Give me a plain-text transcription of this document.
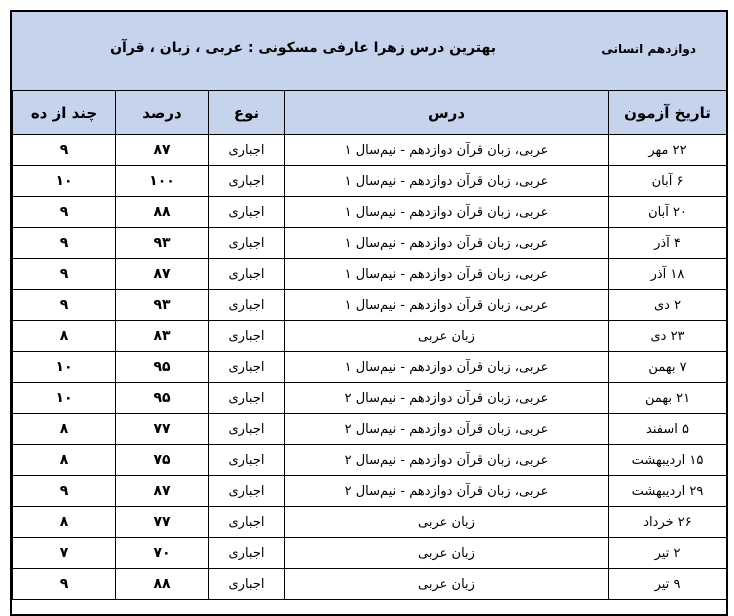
دوازدهم انسانی
بهترین درس زهرا عارفی مسکونی : عربی ، زبان ، قرآن
تاریخ آزمون	درس	نوع	درصد	چند از ده
۲۲ مهر	عربی، زبان قرآن دوازدهم - نیم‌سال ۱	اجباری	۸۷	۹
۶ آبان	عربی، زبان قرآن دوازدهم - نیم‌سال ۱	اجباری	۱۰۰	۱۰
۲۰ آبان	عربی، زبان قرآن دوازدهم - نیم‌سال ۱	اجباری	۸۸	۹
۴ آذر	عربی، زبان قرآن دوازدهم - نیم‌سال ۱	اجباری	۹۳	۹
۱۸ آذر	عربی، زبان قرآن دوازدهم - نیم‌سال ۱	اجباری	۸۷	۹
۲ دی	عربی، زبان قرآن دوازدهم - نیم‌سال ۱	اجباری	۹۳	۹
۲۳ دی	زبان عربی	اجباری	۸۳	۸
۷ بهمن	عربی، زبان قرآن دوازدهم - نیم‌سال ۱	اجباری	۹۵	۱۰
۲۱ بهمن	عربی، زبان قرآن دوازدهم - نیم‌سال ۲	اجباری	۹۵	۱۰
۵ اسفند	عربی، زبان قرآن دوازدهم - نیم‌سال ۲	اجباری	۷۷	۸
۱۵ اردیبهشت	عربی، زبان قرآن دوازدهم - نیم‌سال ۲	اجباری	۷۵	۸
۲۹ اردیبهشت	عربی، زبان قرآن دوازدهم - نیم‌سال ۲	اجباری	۸۷	۹
۲۶ خرداد	زبان عربی	اجباری	۷۷	۸
۲ تیر	زبان عربی	اجباری	۷۰	۷
۹ تیر	زبان عربی	اجباری	۸۸	۹
